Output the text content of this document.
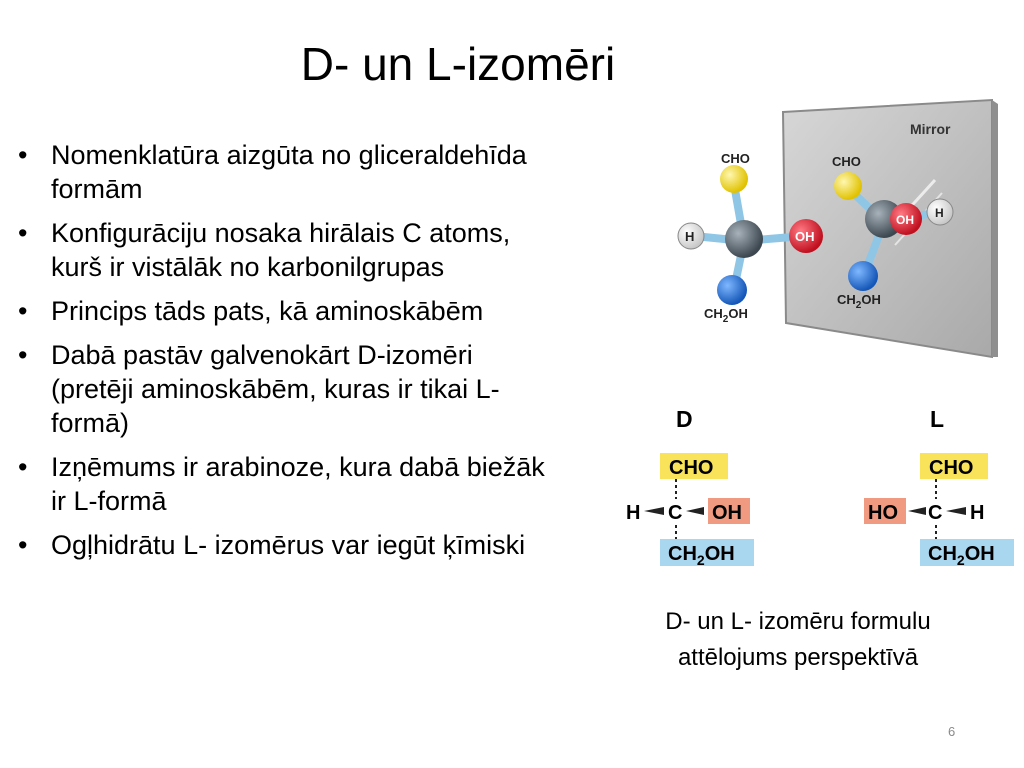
D- un L-izomēri
• Nomenklatūra aizgūta no gliceraldehīda formām
• Konfigurāciju nosaka hirālais C atoms, kurš ir vistālāk no karbonilgrupas
• Princips tāds pats, kā aminoskābēm
• Dabā pastāv galvenokārt D-izomēri (pretēji aminoskābēm, kuras ir tikai L-formā)
• Izņēmums ir arabinoze, kura dabā biežāk ir L-formā
• Ogļhidrātu L- izomērus var iegūt ķīmiski
Mirror
CHO
H	OH
$CH_2OH$
CHO
OH H
$CH_2OH$
D	L
CHO
H C OH
$CH_2OH$
CHO
HO C H
$CH_2OH$
D- un L- izomēru formulu attēlojums perspektīvā
6
